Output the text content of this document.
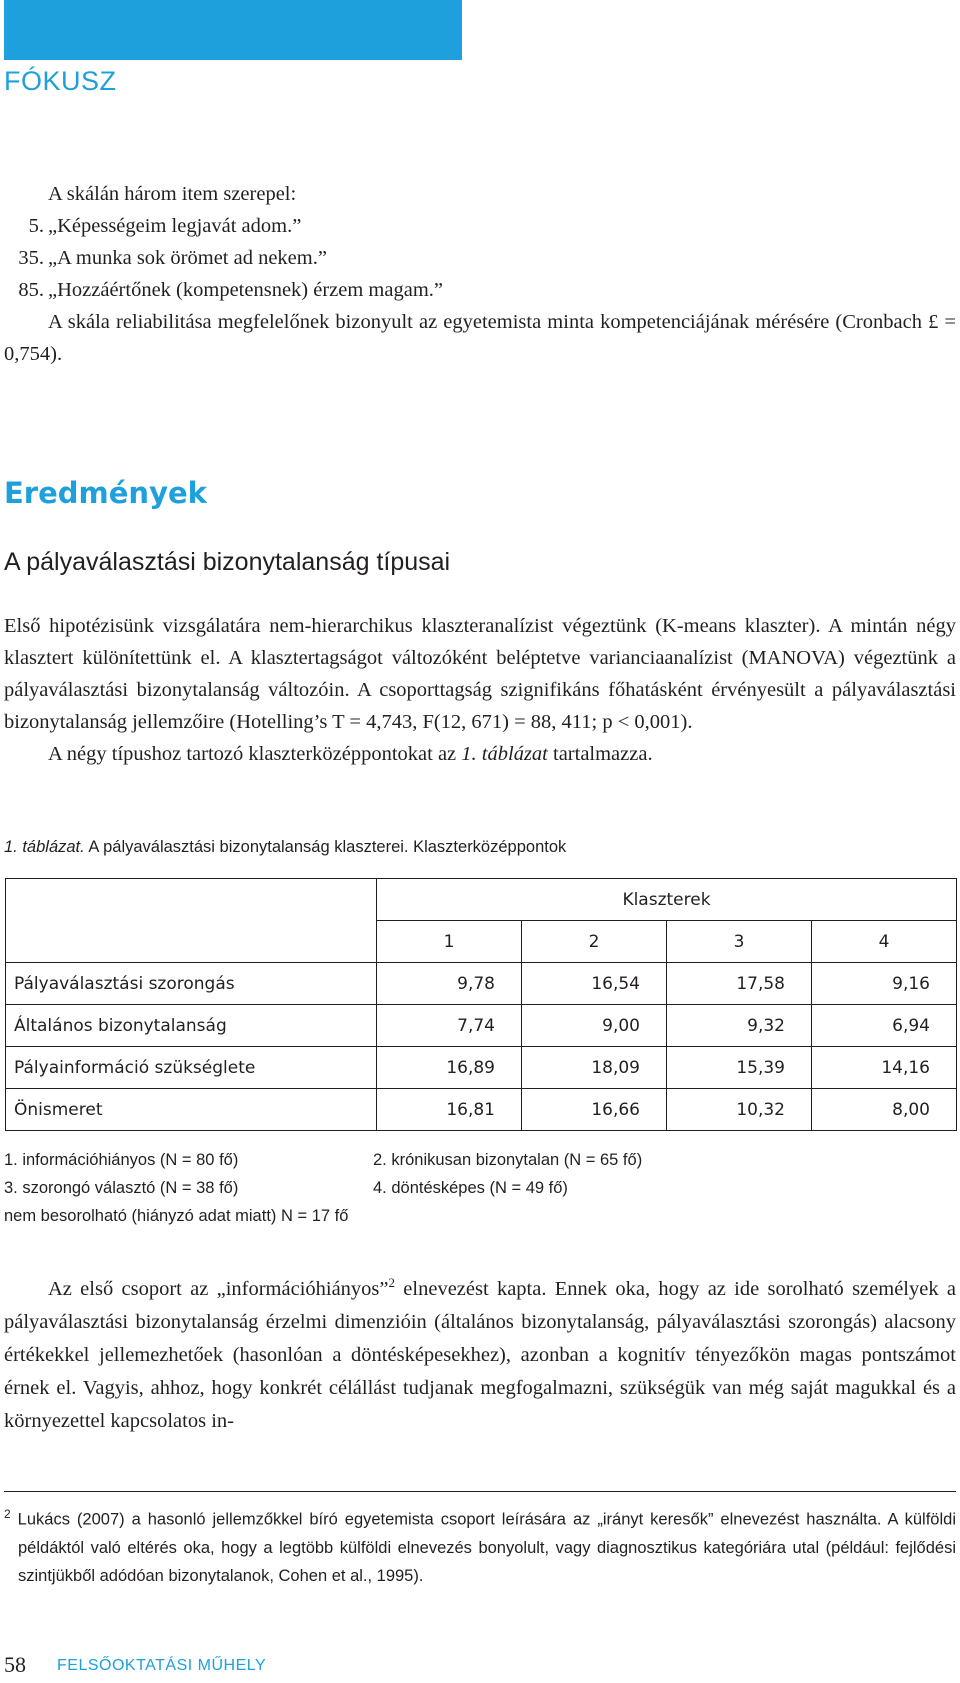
FÓKUSZ

A skálán három item szerepel:

5. „Képességeim legjavát adom.”
35. „A munka sok örömet ad nekem.”
85. „Hozzáértőnek (kompetensnek) érzem magam.”

A skála reliabilitása megfelelőnek bizonyult az egyetemista minta kompetenciájának mérésére (Cronbach £ = 0,754).

Eredmények
A pályaválasztási bizonytalanság típusai

Első hipotézisünk vizsgálatára nem-hierarchikus klaszteranalízist végeztünk (K-means klaszter). A mintán négy klasztert különítettünk el. A klasztertagságot változóként beléptetve varianciaanalízist (MANOVA) végeztünk a pályaválasztási bizonytalanság változóin. A csoporttagság szignifikáns főhatásként érvényesült a pályaválasztási bizonytalanság jellemzőire (Hotelling’s T = 4,743, F(12, 671) = 88, 411; p < 0,001).

A négy típushoz tartozó klaszterközéppontokat az 1. táblázat tartalmazza.

1. táblázat. A pályaválasztási bizonytalanság klaszterei. Klaszterközéppontok
	Klaszterek			
	1	2	3	4
Pályaválasztási szorongás	9,78	16,54	17,58	9,16
Általános bizonytalanság	7,74	9,00	9,32	6,94
Pályainformáció szükséglete	16,89	18,09	15,39	14,16
Önismeret	16,81	16,66	10,32	8,00
1. információhiányos (N = 80 fő)	2. krónikusan bizonytalan (N = 65 fő)
3. szorongó választó (N = 38 fő)	4. döntésképes (N = 49 fő)
nem besorolható (hiányzó adat miatt) N = 17 fő

Az első csoport az „információhiányos”$^2$ elnevezést kapta. Ennek oka, hogy az ide sorolható személyek a pályaválasztási bizonytalanság érzelmi dimenzióin (általános bizonytalanság, pályaválasztási szorongás) alacsony értékekkel jellemezhetőek (hasonlóan a döntésképesekhez), azonban a kognitív tényezőkön magas pontszámot érnek el. Vagyis, ahhoz, hogy konkrét célállást tudjanak megfogalmazni, szükségük van még saját magukkal és a környezettel kapcsolatos in-

$^2$ Lukács (2007) a hasonló jellemzőkkel bíró egyetemista csoport leírására az „irányt keresők” elnevezést használta. A külföldi példáktól való eltérés oka, hogy a legtöbb külföldi elnevezés bonyolult, vagy diagnosztikus kategóriára utal (például: fejlődési szintjükből adódóan bizonytalanok, Cohen et al., 1995).

58 FELSŐOKTATÁSI MŰHELY
